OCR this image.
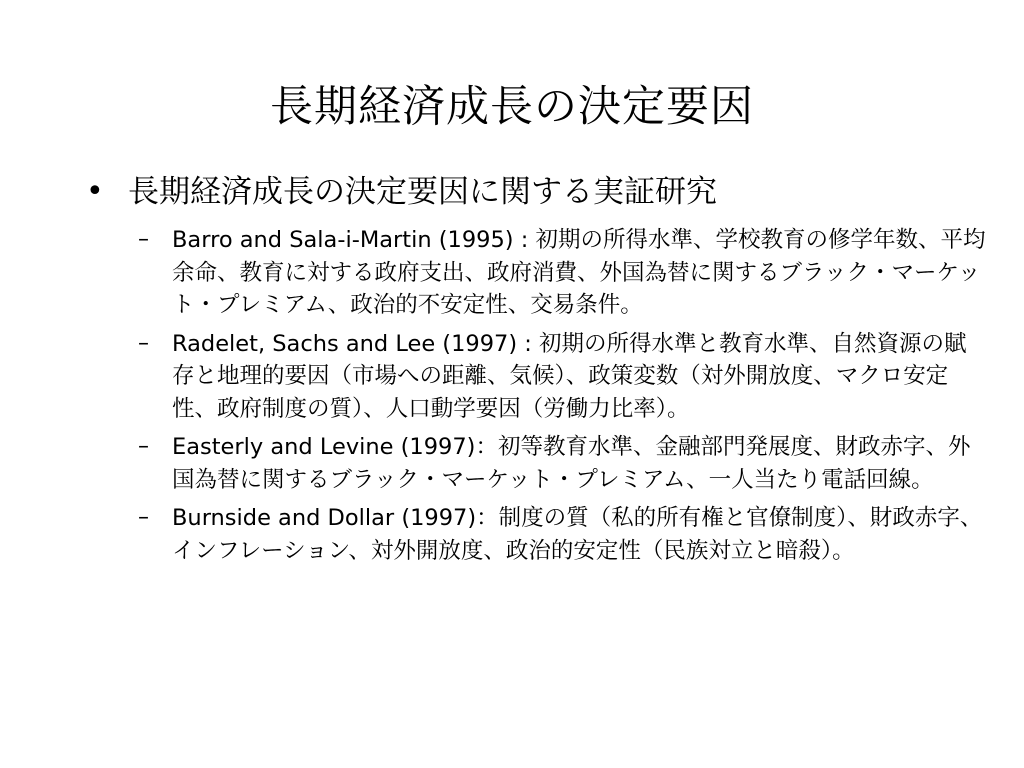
長期経済成長の決定要因
• 長期経済成長の決定要因に関する実証研究
–	Barro and Sala-i-Martin (1995) : 初期の所得水準、学校教育の修学年数、平均余命、教育に対する政府支出、政府消費、外国為替に関するブラック・マーケット・プレミアム、政治的不安定性、交易条件。
–	Radelet, Sachs and Lee (1997) : 初期の所得水準と教育水準、自然資源の賦存と地理的要因（市場への距離、気候）、政策変数（対外開放度、マクロ安定性、政府制度の質）、人口動学要因（労働力比率）。
–	Easterly and Levine (1997)：初等教育水準、金融部門発展度、財政赤字、外国為替に関するブラック・マーケット・プレミアム、一人当たり電話回線。
–	Burnside and Dollar (1997)：制度の質（私的所有権と官僚制度）、財政赤字、インフレーション、対外開放度、政治的安定性（民族対立と暗殺）。
